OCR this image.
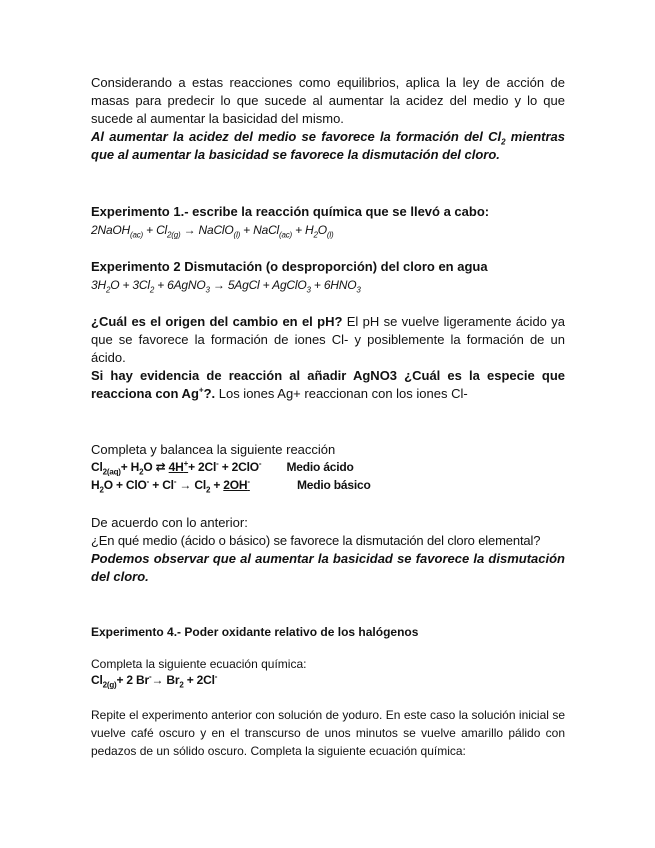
Considerando a estas reacciones como equilibrios, aplica la ley de acción de masas para predecir lo que sucede al aumentar la acidez del medio y lo que sucede al aumentar la basicidad del mismo.
Al aumentar la acidez del medio se favorece la formación del $Cl_2$ mientras que al aumentar la basicidad se favorece la dismutación del cloro.
Experimento 1.- escribe la reacción química que se llevó a cabo:
2NaOH$_{(ac)}$ + $Cl_{2(g)}$ → NaClO$_{(l)}$ + NaCl$_{(ac)}$ + $H_2O_{(l)}$
Experimento 2 Dismutación (o desproporción) del cloro en agua
$3H_2O + 3Cl_2$ + 6AgNO$_3$ → 5AgCl + AgClO$_3$ + $6HNO_3$
¿Cuál es el origen del cambio en el pH? El pH se vuelve ligeramente ácido ya que se favorece la formación de iones Cl- y posiblemente la formación de un ácido.
Si hay evidencia de reacción al añadir AgNO3 ¿Cuál es la especie que reacciona con Ag+?. Los iones Ag+ reaccionan con los iones Cl-
Completa y balancea la siguiente reacción
$Cl_{2(aq)}+ H_2O$ ⇄ 4H++ 2Cl- + 2ClO- Medio ácido
$H_2O + ClO^- + Cl^- \to Cl_2 + 2OH^-$	Medio básico
De acuerdo con lo anterior:
¿En qué medio (ácido o básico) se favorece la dismutación del cloro elemental?
Podemos observar que al aumentar la basicidad se favorece la dismutación del cloro.
Experimento 4.- Poder oxidante relativo de los halógenos
Completa la siguiente ecuación química:
$Cl_{2(g)}+ 2$ $Br^-\to Br_2 + 2Cl^-$
Repite el experimento anterior con solución de yoduro. En este caso la solución inicial se vuelve café oscuro y en el transcurso de unos minutos se vuelve amarillo pálido con pedazos de un sólido oscuro. Completa la siguiente ecuación química:
